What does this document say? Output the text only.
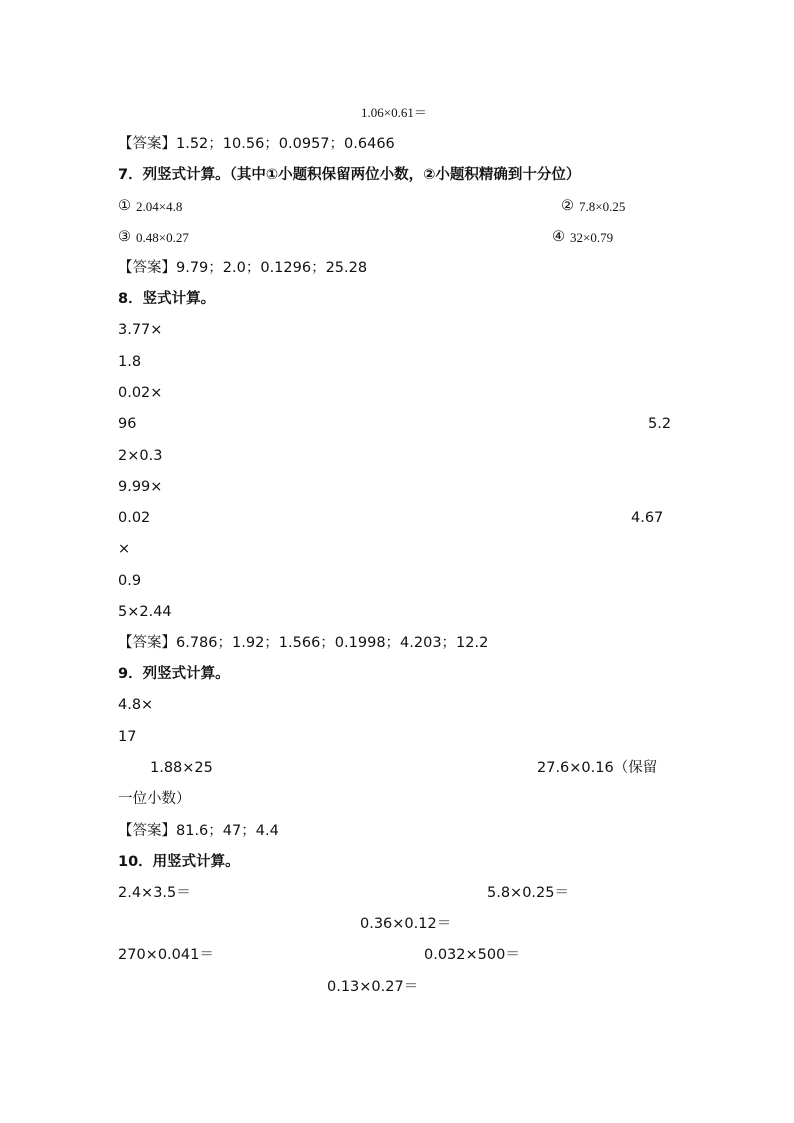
1.06×0.61＝
【答案】1.52；10.56；0.0957；0.6466
7．列竖式计算。（其中①小题积保留两位小数，②小题积精确到十分位）
① 2.04×4.8	② 7.8×0.25
③ 0.48×0.27	④ 32×0.79
【答案】9.79；2.0；0.1296；25.28
8．竖式计算。
3.77×
1.8
0.02×
96	5.2
2×0.3
9.99×
0.02	4.67
×
0.9
5×2.44
【答案】6.786；1.92；1.566；0.1998；4.203；12.2
9．列竖式计算。
4.8×
17
1.88×25	27.6×0.16（保留
一位小数）
【答案】81.6；47；4.4
10．用竖式计算。
2.4×3.5＝	5.8×0.25＝
0.36×0.12＝
270×0.041＝	0.032×500＝
0.13×0.27＝
